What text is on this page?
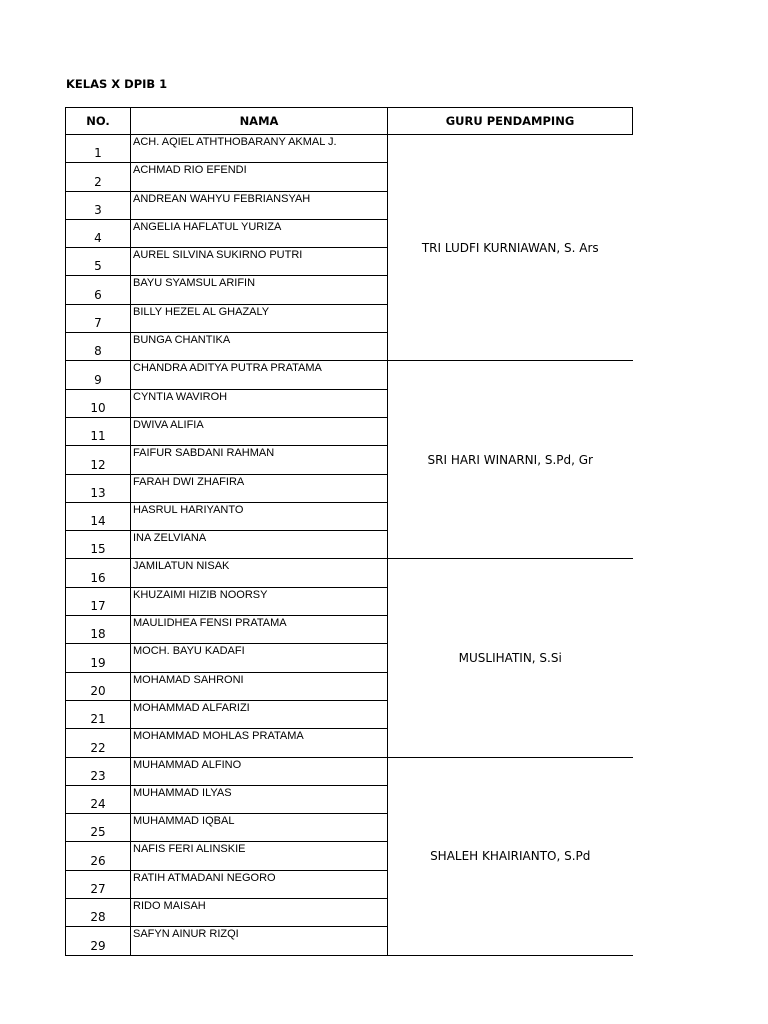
KELAS X DPIB 1
NO.	NAMA	GURU PENDAMPING

1	ACH. AQIEL ATHTHOBARANY AKMAL J.	TRI LUDFI KURNIAWAN, S. Ars

2	ACHMAD RIO EFENDI	

3	ANDREAN WAHYU FEBRIANSYAH	

4	ANGELIA HAFLATUL YURIZA	

5	AUREL SILVINA SUKIRNO PUTRI	

6	BAYU SYAMSUL ARIFIN	

7	BILLY HEZEL AL GHAZALY	

8	BUNGA CHANTIKA	

9	CHANDRA ADITYA PUTRA PRATAMA	SRI HARI WINARNI, S.Pd, Gr

10	CYNTIA WAVIROH	

11	DWIVA ALIFIA	

12	FAIFUR SABDANI RAHMAN	

13	FARAH DWI ZHAFIRA	

14	HASRUL HARIYANTO	

15	INA ZELVIANA	

16	JAMILATUN NISAK	MUSLIHATIN, S.Si

17	KHUZAIMI HIZIB NOORSY	

18	MAULIDHEA FENSI PRATAMA	

19	MOCH. BAYU KADAFI	

20	MOHAMAD SAHRONI	

21	MOHAMMAD ALFARIZI	

22	MOHAMMAD MOHLAS PRATAMA	

23	MUHAMMAD ALFINO	SHALEH KHAIRIANTO, S.Pd

24	MUHAMMAD ILYAS	

25	MUHAMMAD IQBAL	

26	NAFIS FERI ALINSKIE	

27	RATIH ATMADANI NEGORO	

28	RIDO MAISAH	

29	SAFYN AINUR RIZQI	
